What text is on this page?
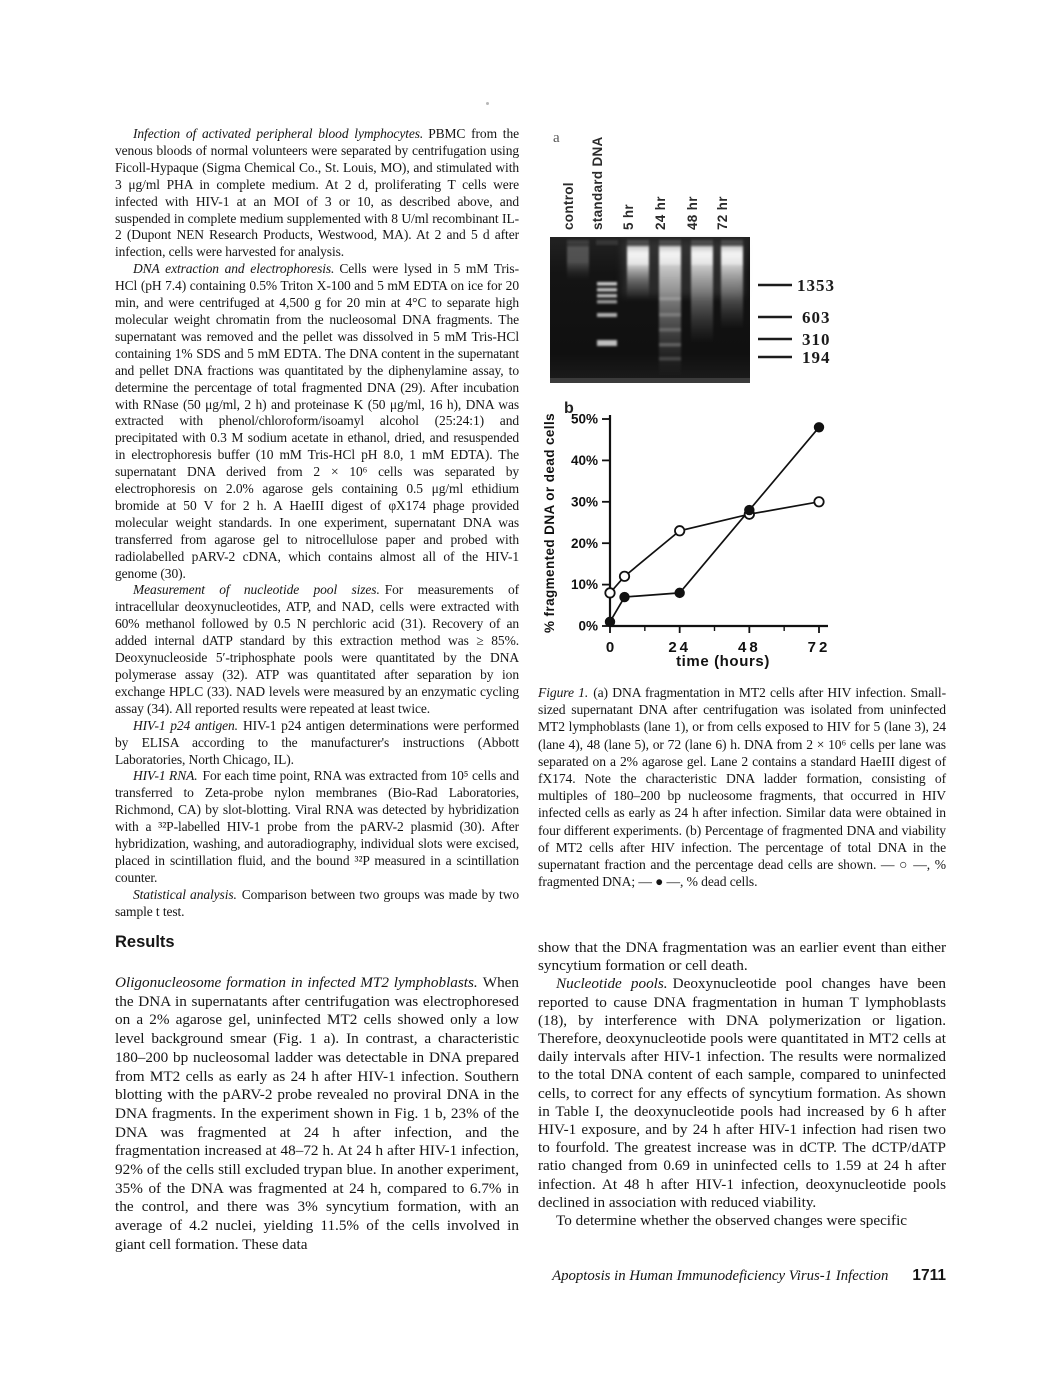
Infection of activated peripheral blood lymphocytes. PBMC from the venous bloods of normal volunteers were separated by centrifugation using Ficoll-Hypaque (Sigma Chemical Co., St. Louis, MO), and stimulated with 3 μg/ml PHA in complete medium. At 2 d, proliferating T cells were infected with HIV-1 at an MOI of 3 or 10, as described above, and suspended in complete medium supplemented with 8 U/ml recombinant IL-2 (Dupont NEN Research Products, Westwood, MA). At 2 and 5 d after infection, cells were harvested for analysis.

DNA extraction and electrophoresis. Cells were lysed in 5 mM Tris-HCl (pH 7.4) containing 0.5% Triton X-100 and 5 mM EDTA on ice for 20 min, and were centrifuged at 4,500 g for 20 min at 4°C to separate high molecular weight chromatin from the nucleosomal DNA fragments. The supernatant was removed and the pellet was dissolved in 5 mM Tris-HCl containing 1% SDS and 5 mM EDTA. The DNA content in the supernatant and pellet DNA fractions was quantitated by the diphenylamine assay, to determine the percentage of total fragmented DNA (29). After incubation with RNase (50 μg/ml, 2 h) and proteinase K (50 μg/ml, 16 h), DNA was extracted with phenol/chloroform/isoamyl alcohol (25:24:1) and precipitated with 0.3 M sodium acetate in ethanol, dried, and resuspended in electrophoresis buffer (10 mM Tris-HCl pH 8.0, 1 mM EDTA). The supernatant DNA derived from 2 × 10⁶ cells was separated by electrophoresis on 2.0% agarose gels containing 0.5 μg/ml ethidium bromide at 50 V for 2 h. A HaeIII digest of φX174 phage provided molecular weight standards. In one experiment, supernatant DNA was transferred from agarose gel to nitrocellulose paper and probed with radiolabelled pARV-2 cDNA, which contains almost all of the HIV-1 genome (30).

Measurement of nucleotide pool sizes. For measurements of intracellular deoxynucleotides, ATP, and NAD, cells were extracted with 60% methanol followed by 0.5 N perchloric acid (31). Recovery of an added internal dATP standard by this extraction method was ≥ 85%. Deoxynucleoside 5′-triphosphate pools were quantitated by the DNA polymerase assay (32). ATP was quantitated after separation by ion exchange HPLC (33). NAD levels were measured by an enzymatic cycling assay (34). All reported results were repeated at least twice.

HIV-1 p24 antigen. HIV-1 p24 antigen determinations were performed by ELISA according to the manufacturer's instructions (Abbott Laboratories, North Chicago, IL).

HIV-1 RNA. For each time point, RNA was extracted from 10⁵ cells and transferred to Zeta-probe nylon membranes (Bio-Rad Laboratories, Richmond, CA) by slot-blotting. Viral RNA was detected by hybridization with a ³²P-labelled HIV-1 probe from the pARV-2 plasmid (30). After hybridization, washing, and autoradiography, individual slots were excised, placed in scintillation fluid, and the bound ³²P measured in a scintillation counter.

Statistical analysis. Comparison between two groups was made by two sample t test.

Results

Oligonucleosome formation in infected MT2 lymphoblasts. When the DNA in supernatants after centrifugation was electrophoresed on a 2% agarose gel, uninfected MT2 cells showed only a low level background smear (Fig. 1 a). In contrast, a characteristic 180–200 bp nucleosomal ladder was detectable in DNA prepared from MT2 cells as early as 24 h after HIV-1 infection. Southern blotting with the pARV-2 probe revealed no proviral DNA in the DNA fragments. In the experiment shown in Fig. 1 b, 23% of the DNA was fragmented at 24 h after infection, and the fragmentation increased at 48–72 h. At 24 h after HIV-1 infection, 92% of the cells still excluded trypan blue. In another experiment, 35% of the DNA was fragmented at 24 h, compared to 6.7% in the control, and there was 3% syncytium formation, with an average of 4.2 nuclei, yielding 11.5% of the cells involved in giant cell formation. These data

a
control standard DNA 5 hr 24 hr 48 hr 72 hr
1353
603
310
194
b
0%
10%
20%
30%
40%
50%
0	24	48	72
% fragmented DNA or dead cells
time (hours)
Figure 1. (a) DNA fragmentation in MT2 cells after HIV infection. Small-sized supernatant DNA after centrifugation was isolated from uninfected MT2 lymphoblasts (lane 1), or from cells exposed to HIV for 5 (lane 3), 24 (lane 4), 48 (lane 5), or 72 (lane 6) h. DNA from 2 × 10⁶ cells per lane was separated on a 2% agarose gel. Lane 2 contains a standard HaeIII digest of fX174. Note the characteristic DNA ladder formation, consisting of multiples of 180–200 bp nucleosome fragments, that occurred in HIV infected cells as early as 24 h after infection. Similar data were obtained in four different experiments. (b) Percentage of fragmented DNA and viability of MT2 cells after HIV infection. The percentage of total DNA in the supernatant fraction and the percentage dead cells are shown. — ○ —, % fragmented DNA; — ● —, % dead cells.

show that the DNA fragmentation was an earlier event than either syncytium formation or cell death.

Nucleotide pools. Deoxynucleotide pool changes have been reported to cause DNA fragmentation in human T lymphoblasts (18), by interference with DNA polymerization or ligation. Therefore, deoxynucleotide pools were quantitated in MT2 cells at daily intervals after HIV-1 infection. The results were normalized to the total DNA content of each sample, compared to uninfected cells, to correct for any effects of syncytium formation. As shown in Table I, the deoxynucleotide pools had increased by 6 h after HIV-1 exposure, and by 24 h after HIV-1 infection had risen two to fourfold. The greatest increase was in dCTP. The dCTP/dATP ratio changed from 0.69 in uninfected cells to 1.59 at 24 h after infection. At 48 h after HIV-1 infection, deoxynucleotide pools declined in association with reduced viability.

To determine whether the observed changes were specific

Apoptosis in Human Immunodeficiency Virus-1 Infection 1711
